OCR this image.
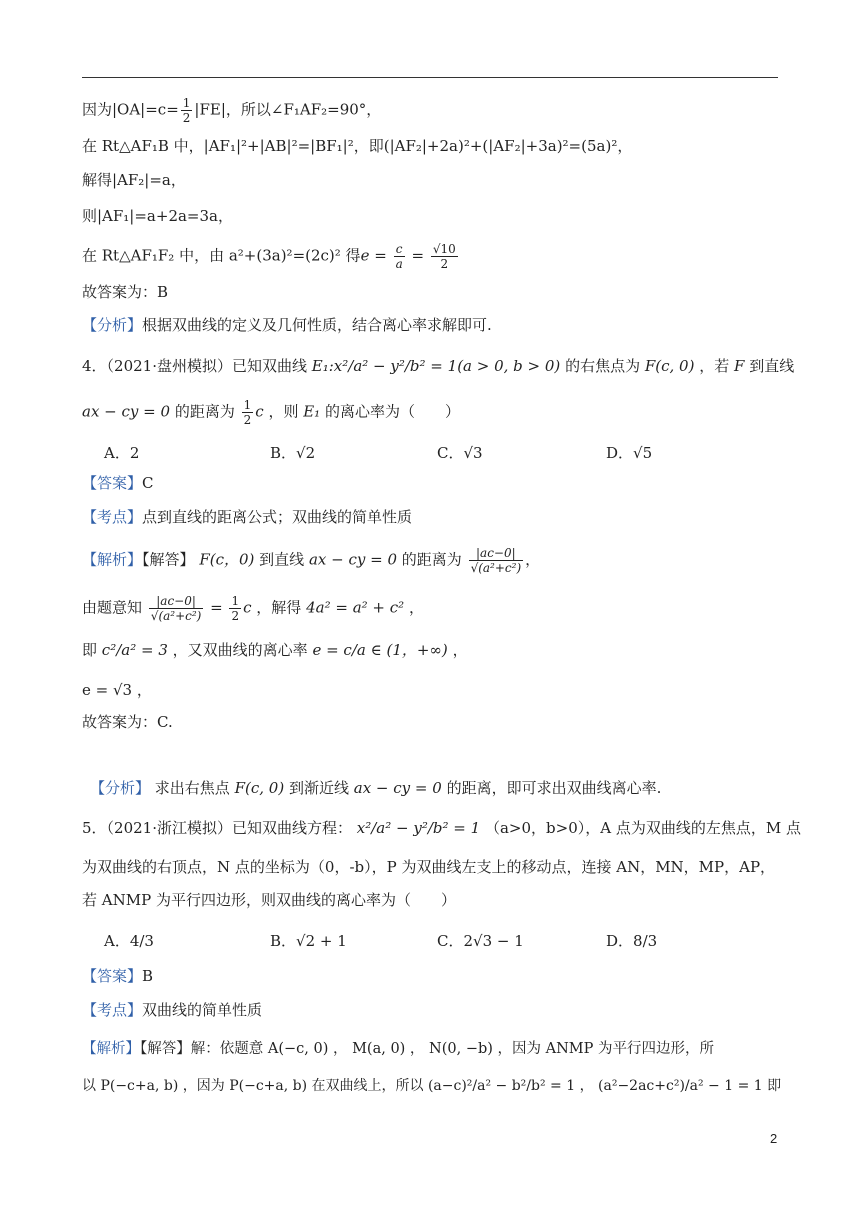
因为$|OA|=c= \frac{1}{2} |FE|$，所以∠F₁AF₂=90°，
在 Rt△AF₁B 中，|AF₁|²+|AB|²=|BF₁|²，即(|AF₂|+2a)²+(|AF₂|+3a)²=(5a)²，
解得|AF₂|=a，
则|AF₁|=a+2a=3a，
在 Rt△AF₁F₂ 中，由 a²+(3a)²=(2c)² 得$e = \frac{c}{a} = \frac{√10}{2}$
故答案为：B
【分析】根据双曲线的定义及几何性质，结合离心率求解即可.
4．（2021·盘州模拟）已知双曲线 E₁:x²/a² − y²/b² = 1(a > 0, b > 0) 的右焦点为 F(c, 0) ，若 F 到直线
ax − cy = 0 的距离为 $\frac{1}{2}$ c ，则 E₁ 的离心率为（　　）
A．2	B．√2	C．√3	D．√5
【答案】C
【考点】点到直线的距离公式；双曲线的简单性质
【解析】【解答】 F(c，0) 到直线 ax − cy = 0 的距离为 $\frac{|ac-0|}{\text{√(a²+c²)}}$ ，
由题意知 $\frac{|ac-0|}{\text{√(a²+c²)}} = \frac{1}{2}$ c ，解得 4a² = a² + c² ，
即 c²/a² = 3 ，又双曲线的离心率 e = c/a ∈ (1，+∞) ，
e = √3 ，
故答案为：C.
【分析】 求出右焦点 F(c, 0) 到渐近线 ax − cy = 0 的距离，即可求出双曲线离心率.
5．（2021·浙江模拟）已知双曲线方程： x²/a² − y²/b² = 1 （a>0，b>0），A 点为双曲线的左焦点，M 点
为双曲线的右顶点，N 点的坐标为（0，-b），P 为双曲线左支上的移动点，连接 AN，MN，MP，AP，
若 ANMP 为平行四边形，则双曲线的离心率为（　　）
A．4/3	B．√2 + 1	C．2√3 − 1	D．8/3
【答案】B
【考点】双曲线的简单性质
【解析】【解答】解：依题意 A(−c, 0) ， M(a, 0) ， N(0, −b) ，因为 ANMP 为平行四边形，所
以 P(−c+a, b) ，因为 P(−c+a, b) 在双曲线上，所以 (a−c)²/a² − b²/b² = 1 ， (a²−2ac+c²)/a² − 1 = 1 即
2
